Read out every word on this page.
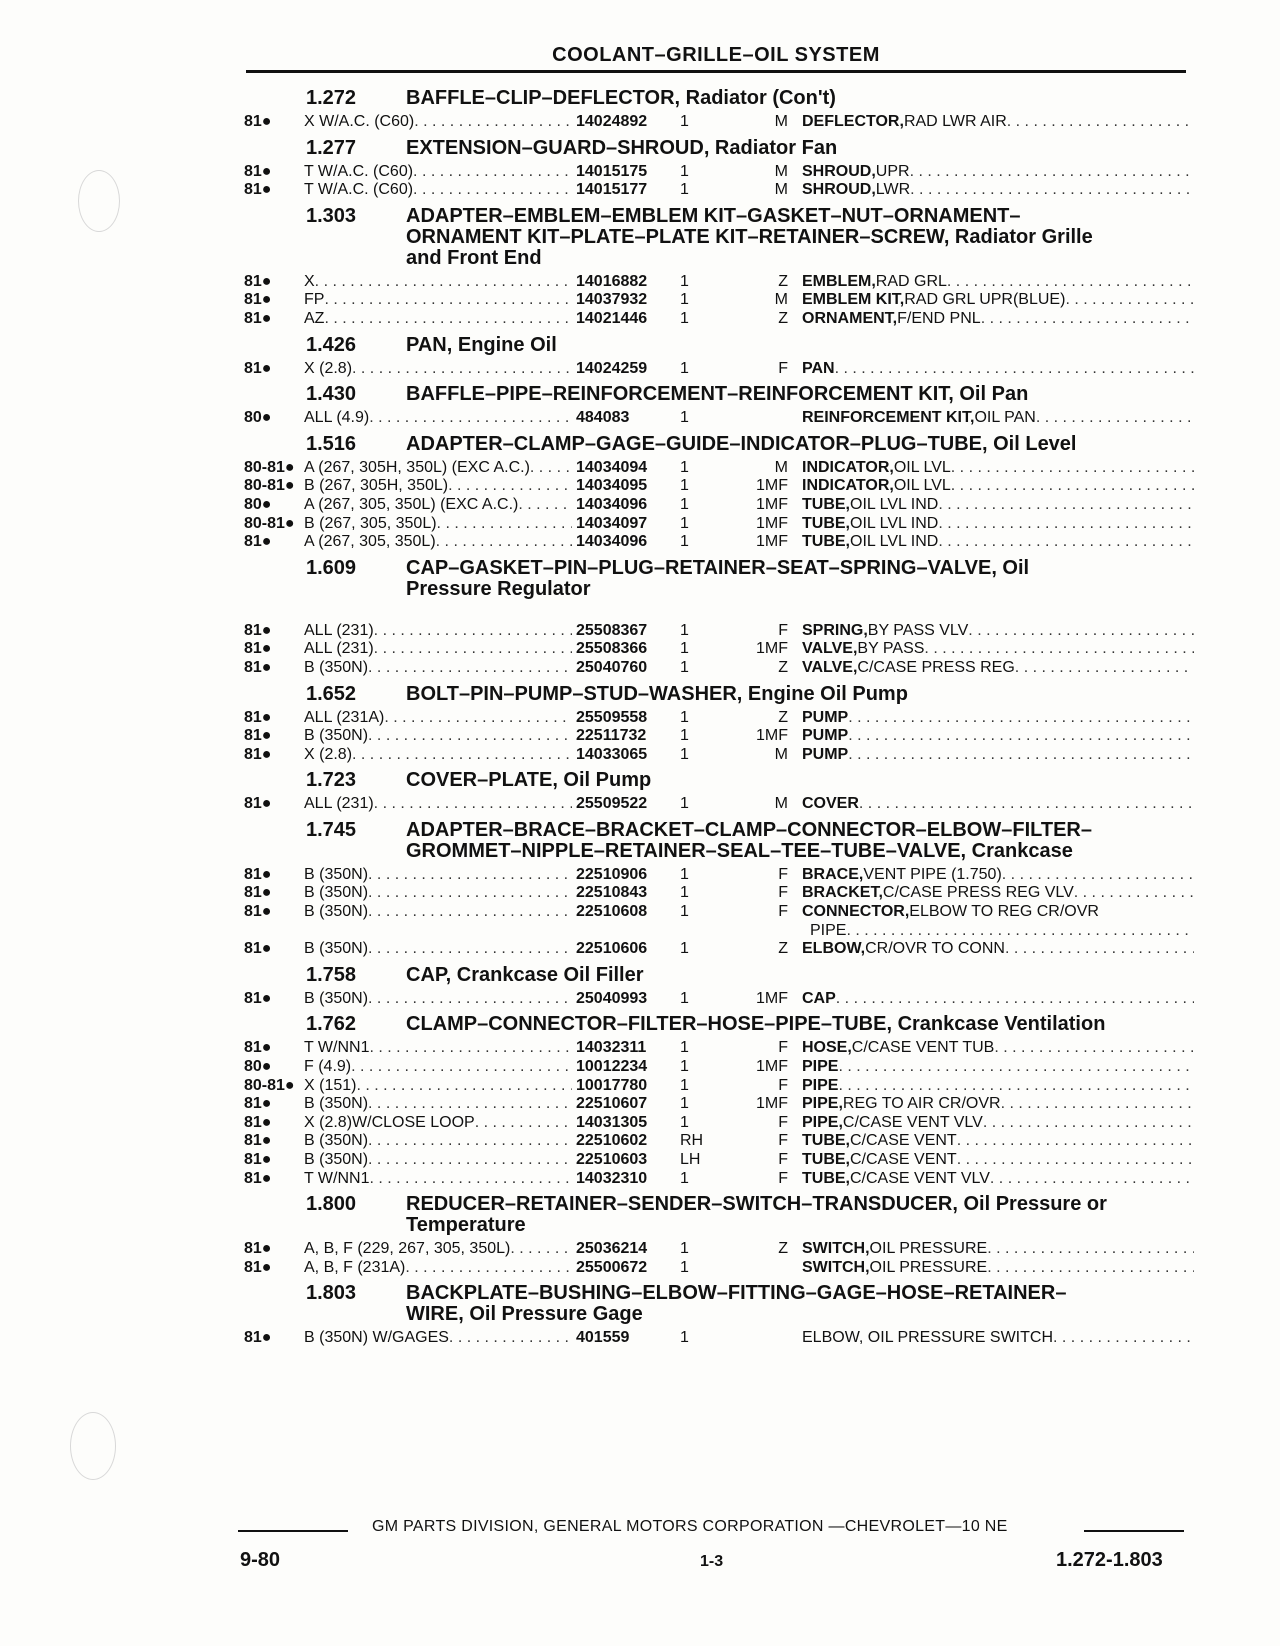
COOLANT–GRILLE–OIL SYSTEM
1.272	BAFFLE–CLIP–DEFLECTOR, Radiator (Con't)
81●	X W/A.C. (C60) . . .	14024892	1	M DEFLECTOR, RAD LWR AIR
. . .
1.277	EXTENSION–GUARD–SHROUD, Radiator Fan
81●	T W/A.C. (C60) . . .	14015175	1	M SHROUD, UPR
. . .
81●	T W/A.C. (C60) . . .	14015177	1	M SHROUD, LWR
. . .
1.303	ADAPTER–EMBLEM–EMBLEM KIT–GASKET–NUT–ORNAMENT–
ORNAMENT KIT–PLATE–PLATE KIT–RETAINER–SCREW, Radiator Grille
and Front End
81●	X . . .	14016882	1	Z EMBLEM, RAD GRL
. . .
81●	FP . . .	14037932	1	M EMBLEM KIT, RAD GRL UPR(BLUE)
. . .
81●	AZ . . .	14021446	1	Z ORNAMENT, F/END PNL
. . .
1.426	PAN, Engine Oil
81●	X (2.8) . . .	14024259	1	F PAN
. . .
1.430	BAFFLE–PIPE–REINFORCEMENT–REINFORCEMENT KIT, Oil Pan
80●	ALL (4.9) . . .	484083	1	REINFORCEMENT KIT, OIL PAN
. . .
1.516	ADAPTER–CLAMP–GAGE–GUIDE–INDICATOR–PLUG–TUBE, Oil Level
80-81● A (267, 305H, 350L) (EXC A.C.) . . .	14034094	1	M INDICATOR, OIL LVL
. . .
80-81● B (267, 305H, 350L) . . .	14034095	1	1MF INDICATOR, OIL LVL
. . .
80●	A (267, 305, 350L) (EXC A.C.) . . .	14034096	1	1MF TUBE, OIL LVL IND
. . .
80-81● B (267, 305, 350L) . . .	14034097	1	1MF TUBE, OIL LVL IND
. . .
81●	A (267, 305, 350L) . . .	14034096	1	1MF TUBE, OIL LVL IND
. . .
1.609	CAP–GASKET–PIN–PLUG–RETAINER–SEAT–SPRING–VALVE, Oil
Pressure Regulator
81●	ALL (231) . . .	25508367	1	F SPRING, BY PASS VLV
. . .
81●	ALL (231) . . .	25508366	1	1MF VALVE, BY PASS
. . .
81●	B (350N) . . .	25040760	1	Z VALVE, C/CASE PRESS REG
. . .
1.652	BOLT–PIN–PUMP–STUD–WASHER, Engine Oil Pump
81●	ALL (231A) . . .	25509558	1	Z PUMP
. . .
81●	B (350N) . . .	22511732	1	1MF PUMP
. . .
81●	X (2.8) . . .	14033065	1	M PUMP
. . .
1.723	COVER–PLATE, Oil Pump
81●	ALL (231) . . .	25509522	1	M COVER
. . .
1.745	ADAPTER–BRACE–BRACKET–CLAMP–CONNECTOR–ELBOW–FILTER–
GROMMET–NIPPLE–RETAINER–SEAL–TEE–TUBE–VALVE, Crankcase
81●	B (350N) . . .	22510906	1	F BRACE, VENT PIPE (1.750)
. . .
81●	B (350N) . . .	22510843	1	F BRACKET, C/CASE PRESS REG VLV
. . .
81●	B (350N) . . .	22510608	1	F CONNECTOR, ELBOW TO REG CR/OVR
PIPE
. . .
81●	B (350N) . . .	22510606	1	Z ELBOW, CR/OVR TO CONN
. . .
1.758	CAP, Crankcase Oil Filler
81●	B (350N) . . .	25040993	1	1MF CAP
. . .
1.762	CLAMP–CONNECTOR–FILTER–HOSE–PIPE–TUBE, Crankcase Ventilation
81●	T W/NN1 . . .	14032311	1	F HOSE, C/CASE VENT TUB
. . .
80●	F (4.9) . . .	10012234	1	1MF PIPE
. . .
80-81● X (151) . . .	10017780	1	F PIPE
. . .
81●	B (350N) . . .	22510607	1	1MF PIPE, REG TO AIR CR/OVR
. . .
81●	X (2.8)W/CLOSE LOOP . . .	14031305	1	F PIPE, C/CASE VENT VLV
. . .
81●	B (350N) . . .	22510602	RH	F TUBE, C/CASE VENT
. . .
81●	B (350N) . . .	22510603	LH	F TUBE, C/CASE VENT
. . .
81●	T W/NN1 . . .	14032310	1	F TUBE, C/CASE VENT VLV
. . .
1.800	REDUCER–RETAINER–SENDER–SWITCH–TRANSDUCER, Oil Pressure or
Temperature
81●	A, B, F (229, 267, 305, 350L) . . .	25036214	1	Z SWITCH, OIL PRESSURE
. . .
81●	A, B, F (231A) . . .	25500672	1	SWITCH, OIL PRESSURE
. . .
1.803	BACKPLATE–BUSHING–ELBOW–FITTING–GAGE–HOSE–RETAINER–
WIRE, Oil Pressure Gage
81●	B (350N) W/GAGES . . .	401559	1	ELBOW, OIL PRESSURE SWITCH
. . .
GM PARTS DIVISION, GENERAL MOTORS CORPORATION —CHEVROLET—10 NE
9-80	1-3	1.272-1.803
